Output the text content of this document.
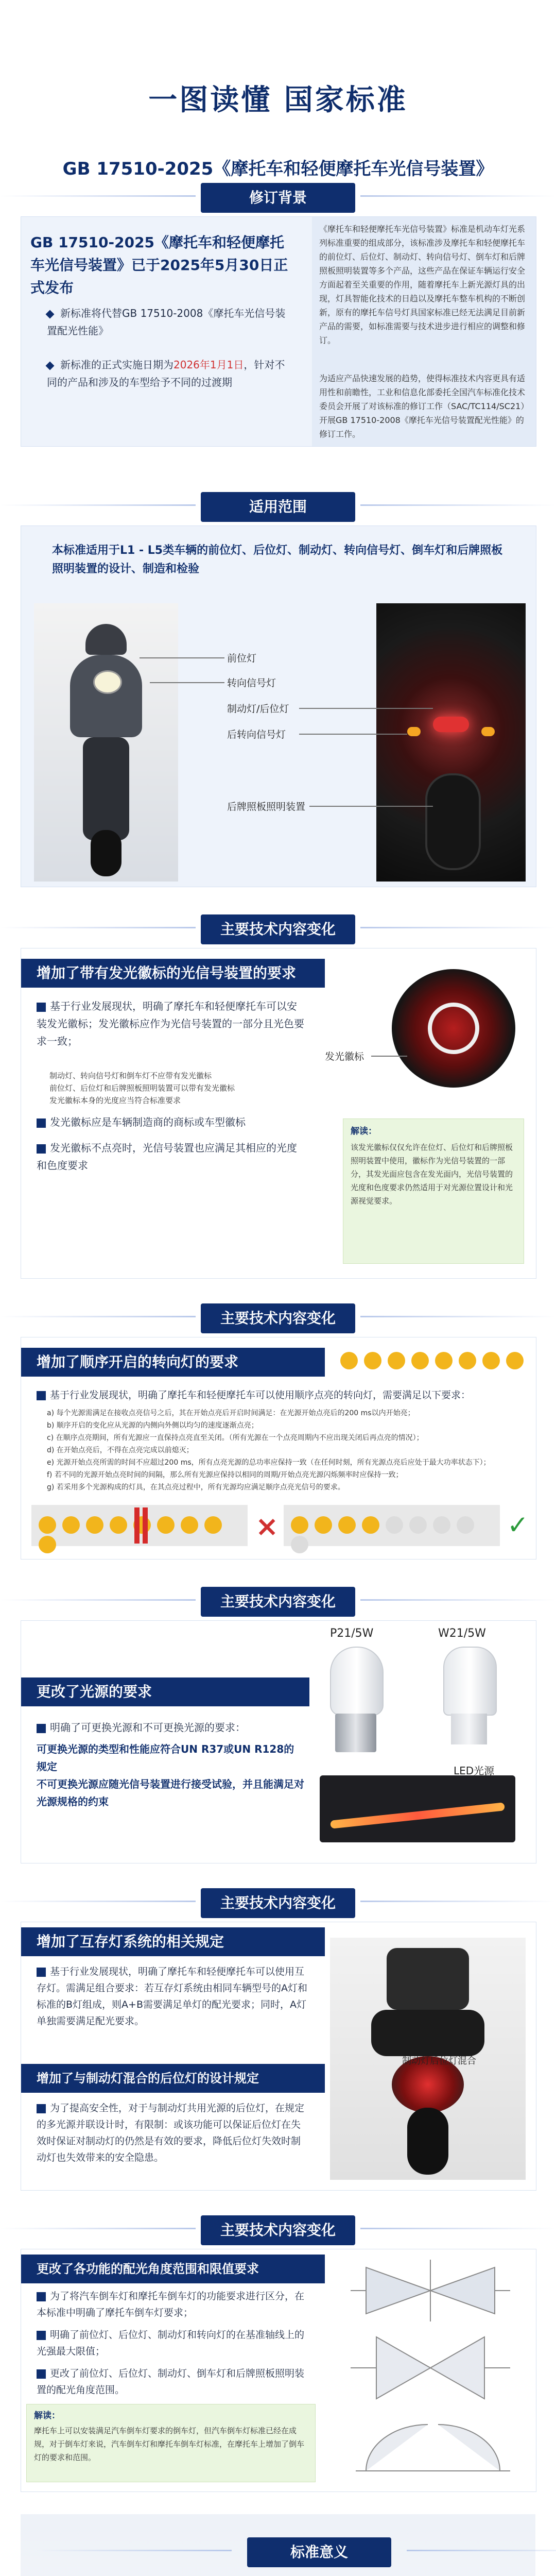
一图读懂 国家标准
GB 17510-2025《摩托车和轻便摩托车光信号装置》
修订背景
GB 17510-2025《摩托车和轻便摩托车光信号装置》已于2025年5月30日正式发布
新标准将代替GB 17510-2008《摩托车光信号装置配光性能》
新标准的正式实施日期为2026年1月1日，针对不同的产品和涉及的车型给予不同的过渡期
《摩托车和轻便摩托车光信号装置》标准是机动车灯光系列标准重要的组成部分，该标准涉及摩托车和轻便摩托车的前位灯、后位灯、制动灯、转向信号灯、倒车灯和后牌照板照明装置等多个产品，这些产品在保证车辆运行安全方面起着至关重要的作用，随着摩托车上新光源灯具的出现，灯具智能化技术的日趋以及摩托车整车机构的不断创新，原有的摩托车信号灯具国家标准已经无法满足目前新产品的需要，如标准需要与技术进步进行相应的调整和修订。
为适应产品快速发展的趋势，使得标准技术内容更具有适用性和前瞻性，工业和信息化部委托全国汽车标准化技术委员会开展了对该标准的修订工作（SAC/TC114/SC21）开展GB 17510-2008《摩托车光信号装置配光性能》的修订工作。
适用范围
本标准适用于L1 - L5类车辆的前位灯、后位灯、制动灯、转向信号灯、倒车灯和后牌照板照明装置的设计、制造和检验
前位灯
转向信号灯
制动灯/后位灯
后转向信号灯
后牌照板照明装置
主要技术内容变化
增加了带有发光徽标的光信号装置的要求
基于行业发展现状，明确了摩托车和轻便摩托车可以安装发光徽标；发光徽标应作为光信号装置的一部分且光色要求一致；
制动灯、转向信号灯和倒车灯不应带有发光徽标
前位灯、后位灯和后牌照板照明装置可以带有发光徽标
发光徽标本身的光度应当符合标准要求
发光徽标应是车辆制造商的商标或车型徽标
发光徽标不点亮时，光信号装置也应满足其相应的光度和色度要求
发光徽标
解读：
该发光徽标仅仅允许在位灯、后位灯和后牌照板照明装置中使用，徽标作为光信号装置的一部分，其发光面应包含在发光面内，光信号装置的光度和色度要求仍然适用于对光源位置设计和光源视觉要求。
主要技术内容变化
增加了顺序开启的转向灯的要求
基于行业发展现状，明确了摩托车和轻便摩托车可以使用顺序点亮的转向灯，需要满足以下要求：
a) 每个光源需满足在接收点亮信号之后，其在开始点亮后开启时间满足：在光源开始点亮后的200 ms以内开始亮；
b) 顺序开启的变化应从光源的内侧向外侧以均匀的速度逐渐点亮；
c) 在顺序点亮期间，所有光源应一直保持点亮直至关闭。（所有光源在一个点亮周期内不应出现关闭后再点亮的情况）；
d) 在开始点亮后，不得在点亮完成以前熄灭；
e) 光源开始点亮所需的时间不应超过200 ms，所有点亮光源的总功率应保持一致（在任何时刻，所有光源点亮后应处于最大功率状态下）；
f) 若不同的光源开始点亮时间的间隔，那么所有光源应保持以相同的周期/开始点亮光源闪烁频率时应保持一致；
g) 若采用多个光源构成的灯具，在其点亮过程中，所有光源均应满足顺序点亮光信号的要求。
×	✓
主要技术内容变化
更改了光源的要求
明确了可更换光源和不可更换光源的要求：
可更换光源的类型和性能应符合UN R37或UN R128的规定
不可更换光源应随光信号装置进行接受试验，并且能满足对光源规格的约束
P21/5W	W21/5W
LED光源
主要技术内容变化
增加了互存灯系统的相关规定
基于行业发展现状，明确了摩托车和轻便摩托车可以使用互存灯。需满足组合要求：若互存灯系统由相同车辆型号的A灯和标准的B灯组成，则A+B需要满足单灯的配光要求；同时，A灯单独需要满足配光要求。
增加了与制动灯混合的后位灯的设计规定
为了提高安全性，对于与制动灯共用光源的后位灯，在规定的多光源并联设计时，有限制：或该功能可以保证后位灯在失效时保证对制动灯的仍然是有效的要求，降低后位灯失效时制动灯也失效带来的安全隐患。
制动灯后位灯混合
主要技术内容变化
更改了各功能的配光角度范围和限值要求
为了将汽车倒车灯和摩托车倒车灯的功能要求进行区分，在本标准中明确了摩托车倒车灯要求；
明确了前位灯、后位灯、制动灯和转向灯的在基准轴线上的光强最大限值；
更改了前位灯、后位灯、制动灯、倒车灯和后牌照板照明装置的配光角度范围。
解读：
摩托车上可以安装满足汽车倒车灯要求的倒车灯，但汽车倒车灯标准已经在成规，对于倒车灯来说，汽车倒车灯和摩托车倒车灯标准，在摩托车上增加了倒车灯的要求和范围。
标准意义
